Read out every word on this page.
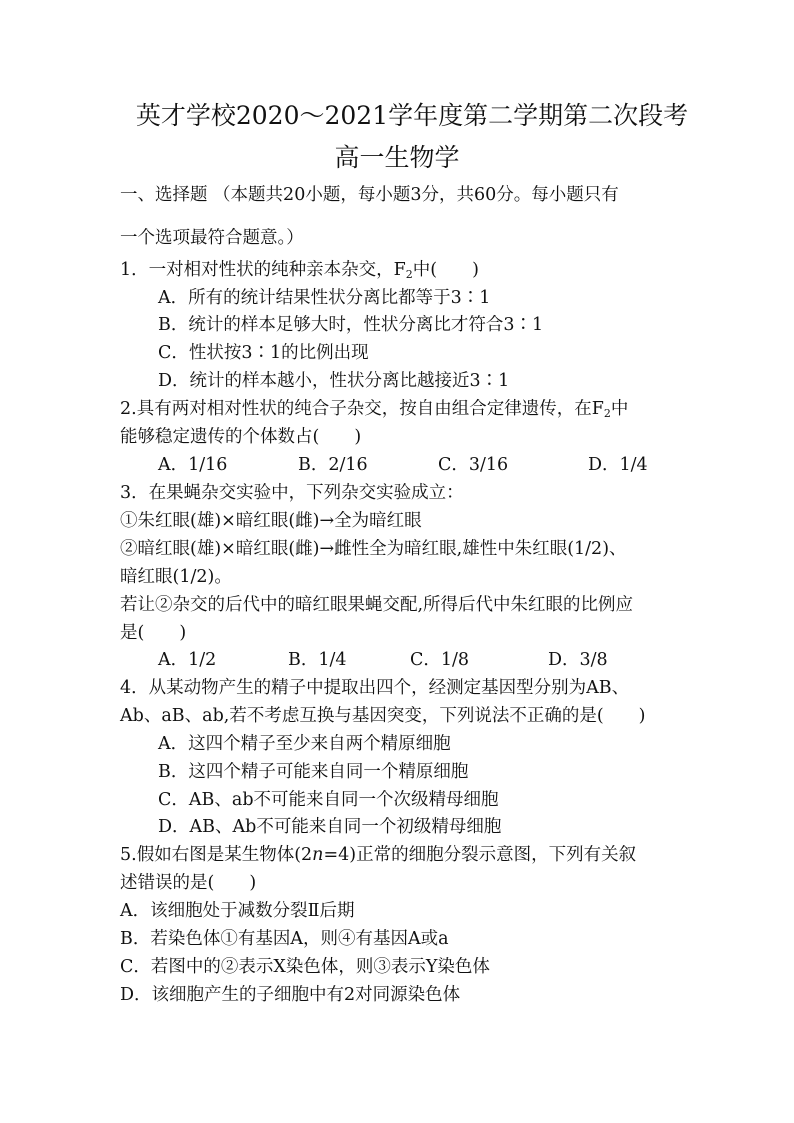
英才学校2020～2021学年度第二学期第二次段考
高一生物学
一、选择题 （本题共20小题，每小题3分，共60分。每小题只有
一个选项最符合题意。）
1．一对相对性状的纯种亲本杂交，$F_2$中(　　)
A．所有的统计结果性状分离比都等于3∶1
B．统计的样本足够大时，性状分离比才符合3∶1
C．性状按3∶1的比例出现
D．统计的样本越小，性状分离比越接近3∶1
2.具有两对相对性状的纯合子杂交，按自由组合定律遗传，在$F_2$中
能够稳定遗传的个体数占(　　)
A．1/16	B．2/16	C．3/16	D．1/4
3．在果蝇杂交实验中，下列杂交实验成立：
①朱红眼(雄)×暗红眼(雌)→全为暗红眼
②暗红眼(雄)×暗红眼(雌)→雌性全为暗红眼,雄性中朱红眼(1/2)、
暗红眼(1/2)。
若让②杂交的后代中的暗红眼果蝇交配,所得后代中朱红眼的比例应
是(　　)
A．1/2	B．1/4	C．1/8	D．3/8
4．从某动物产生的精子中提取出四个，经测定基因型分别为AB、
Ab、aB、ab,若不考虑互换与基因突变，下列说法不正确的是(　　)
A．这四个精子至少来自两个精原细胞
B．这四个精子可能来自同一个精原细胞
C．AB、ab不可能来自同一个次级精母细胞
D．AB、Ab不可能来自同一个初级精母细胞
5.假如右图是某生物体(2n=4)正常的细胞分裂示意图，下列有关叙
述错误的是(　　)
A．该细胞处于减数分裂Ⅱ后期
B．若染色体①有基因A，则④有基因A或a
C．若图中的②表示X染色体，则③表示Y染色体
D．该细胞产生的子细胞中有2对同源染色体
